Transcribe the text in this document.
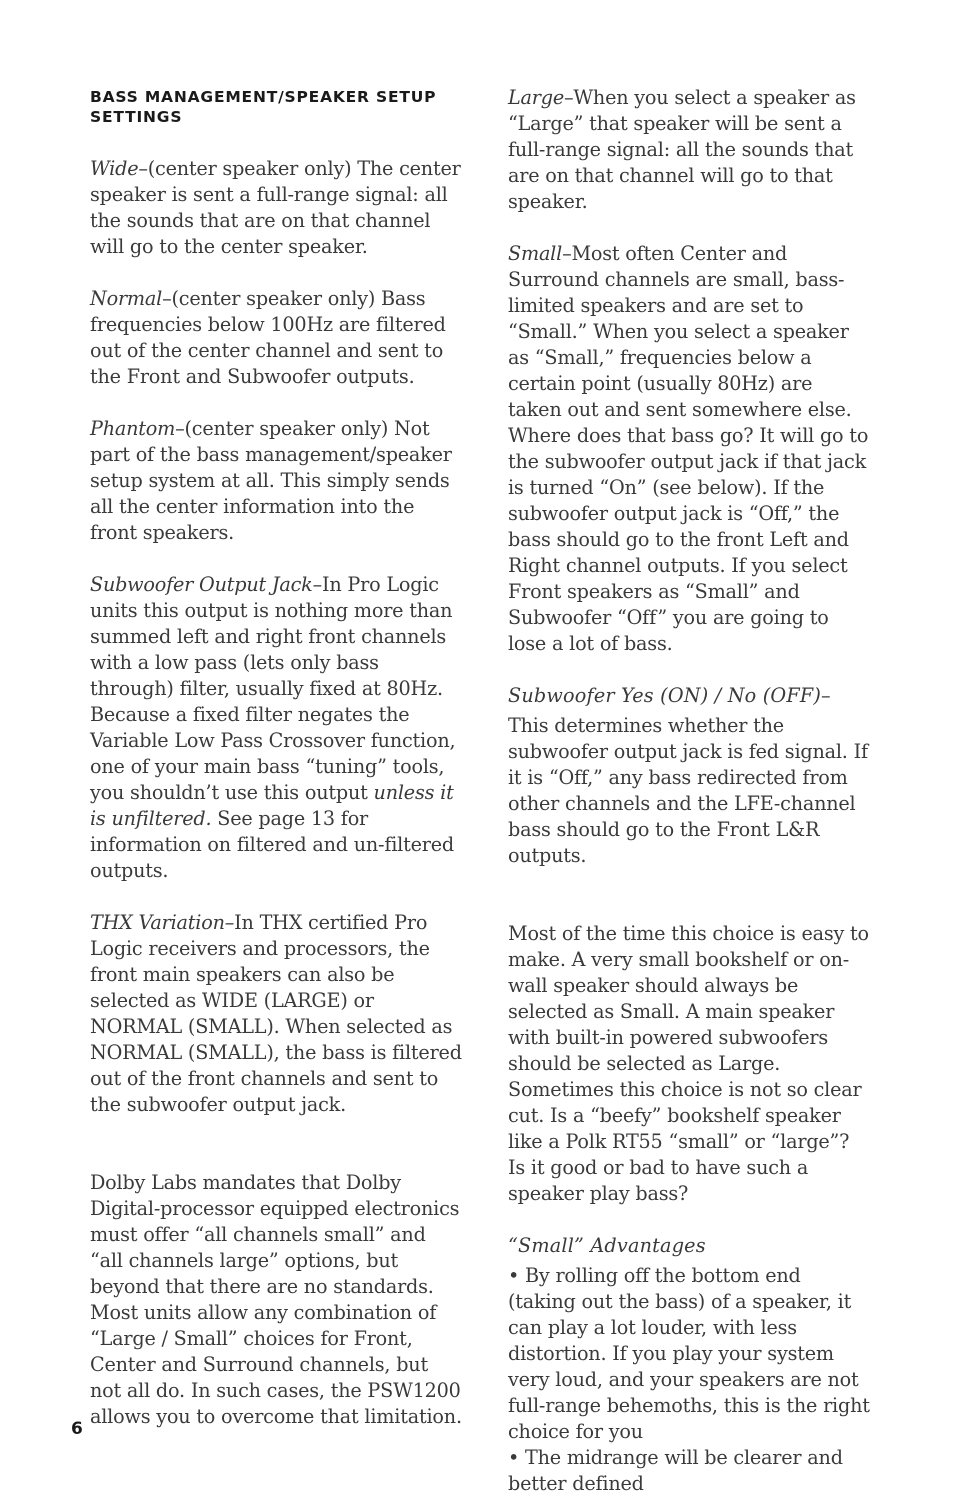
BASS MANAGEMENT/SPEAKER SETUP SETTINGS

Wide–(center speaker only) The center speaker is sent a full-range signal: all the sounds that are on that channel will go to the center speaker.

Normal–(center speaker only) Bass frequencies below 100Hz are filtered out of the center channel and sent to the Front and Subwoofer outputs.

Phantom–(center speaker only) Not part of the bass management/speaker setup system at all. This simply sends all the center information into the front speakers.

Subwoofer Output Jack–In Pro Logic units this output is nothing more than summed left and right front channels with a low pass (lets only bass through) filter, usually fixed at 80Hz. Because a fixed filter negates the Variable Low Pass Crossover function, one of your main bass “tuning” tools, you shouldn’t use this output unless it is unfiltered. See page 13 for information on filtered and un-filtered outputs.

THX Variation–In THX certified Pro Logic receivers and processors, the front main speakers can also be selected as WIDE (LARGE) or NORMAL (SMALL). When selected as NORMAL (SMALL), the bass is filtered out of the front channels and sent to the subwoofer output jack.

Dolby Labs mandates that Dolby Digital-processor equipped electronics must offer “all channels small” and “all channels large” options, but beyond that there are no standards. Most units allow any combination of “Large / Small” choices for Front, Center and Surround channels, but not all do. In such cases, the PSW1200 allows you to overcome that limitation.

Large–When you select a speaker as “Large” that speaker will be sent a full-range signal: all the sounds that are on that channel will go to that speaker.

Small–Most often Center and Surround channels are small, bass-limited speakers and are set to “Small.” When you select a speaker as “Small,” frequencies below a certain point (usually 80Hz) are taken out and sent somewhere else. Where does that bass go? It will go to the subwoofer output jack if that jack is turned “On” (see below). If the subwoofer output jack is “Off,” the bass should go to the front Left and Right channel outputs. If you select Front speakers as “Small” and Subwoofer “Off” you are going to lose a lot of bass.

Subwoofer Yes (ON) / No (OFF)–

This determines whether the subwoofer output jack is fed signal. If it is “Off,” any bass redirected from other channels and the LFE-channel bass should go to the Front L&R outputs.

Most of the time this choice is easy to make. A very small bookshelf or on-wall speaker should always be selected as Small. A main speaker with built-in powered subwoofers should be selected as Large. Sometimes this choice is not so clear cut. Is a “beefy” bookshelf speaker like a Polk RT55 “small” or “large”? Is it good or bad to have such a speaker play bass?

“Small” Advantages

• By rolling off the bottom end (taking out the bass) of a speaker, it can play a lot louder, with less distortion. If you play your system very loud, and your speakers are not full-range behemoths, this is the right choice for you

• The midrange will be clearer and better defined

6
